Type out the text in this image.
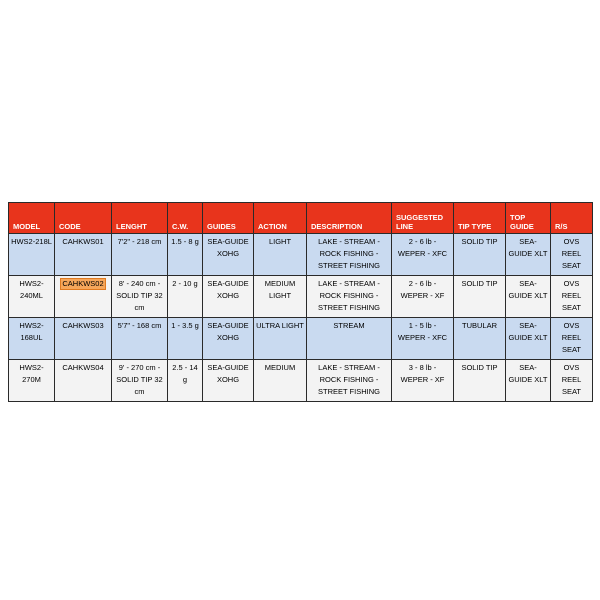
MODEL	CODE	LENGHT	C.W.	GUIDES	ACTION	DESCRIPTION	SUGGESTED LINE	TIP TYPE	TOP GUIDE	R/S
HWS2-218L	CAHKWS01	7'2" - 218 cm	1.5 - 8 g	SEA-GUIDE XOHG	LIGHT	LAKE - STREAM - ROCK FISHING - STREET FISHING	2 - 6 lb - WEPER - XFC	SOLID TIP	SEA-GUIDE XLT	OVS REEL SEAT
HWS2-240ML	CAHKWS02	8' - 240 cm - SOLID TIP 32 cm	2 - 10 g	SEA-GUIDE XOHG	MEDIUM LIGHT	LAKE - STREAM - ROCK FISHING - STREET FISHING	2 - 6 lb - WEPER - XF	SOLID TIP	SEA-GUIDE XLT	OVS REEL SEAT
HWS2-168UL	CAHKWS03	5'7" - 168 cm	1 - 3.5 g	SEA-GUIDE XOHG	ULTRA LIGHT	STREAM	1 - 5 lb - WEPER - XFC	TUBULAR	SEA-GUIDE XLT	OVS REEL SEAT
HWS2-270M	CAHKWS04	9' - 270 cm - SOLID TIP 32 cm	2.5 - 14 g	SEA-GUIDE XOHG	MEDIUM	LAKE - STREAM - ROCK FISHING - STREET FISHING	3 - 8 lb - WEPER - XF	SOLID TIP	SEA-GUIDE XLT	OVS REEL SEAT
